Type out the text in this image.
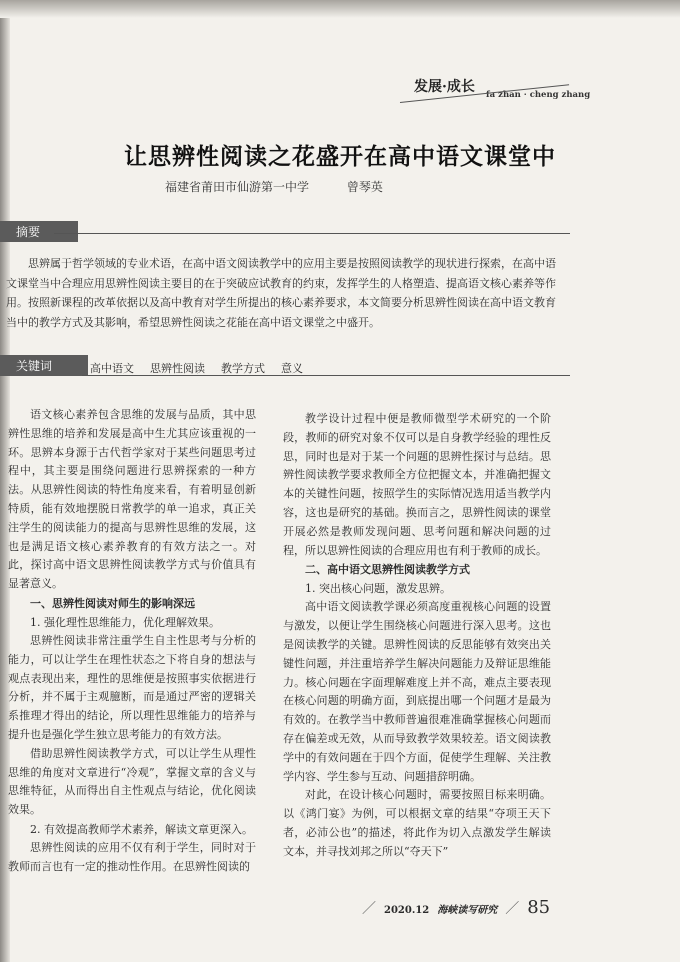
发展·成长 fa zhan · cheng zhang
让思辨性阅读之花盛开在高中语文课堂中
福建省莆田市仙游第一中学	曾琴英
摘要

思辨属于哲学领域的专业术语，在高中语文阅读教学中的应用主要是按照阅读教学的现状进行探索，在高中语文课堂当中合理应用思辨性阅读主要目的在于突破应试教育的约束，发挥学生的人格塑造、提高语文核心素养等作用。按照新课程的改革依据以及高中教育对学生所提出的核心素养要求，本文简要分析思辨性阅读在高中语文教育当中的教学方式及其影响，希望思辨性阅读之花能在高中语文课堂之中盛开。

关键词	高中语文 思辨性阅读 教学方式 意义

语文核心素养包含思维的发展与品质，其中思辨性思维的培养和发展是高中生尤其应该重视的一环。思辨本身源于古代哲学家对于某些问题思考过程中，其主要是围绕问题进行思辨探索的一种方法。从思辨性阅读的特性角度来看，有着明显创新特质，能有效地摆脱日常教学的单一追求，真正关注学生的阅读能力的提高与思辨性思维的发展，这也是满足语文核心素养教育的有效方法之一。对此，探讨高中语文思辨性阅读教学方式与价值具有显著意义。

一、思辨性阅读对师生的影响深远
1. 强化理性思维能力，优化理解效果。

思辨性阅读非常注重学生自主性思考与分析的能力，可以让学生在理性状态之下将自身的想法与观点表现出来，理性的思维便是按照事实依据进行分析，并不属于主观臆断，而是通过严密的逻辑关系推理才得出的结论，所以理性思维能力的培养与提升也是强化学生独立思考能力的有效方法。

借助思辨性阅读教学方式，可以让学生从理性思维的角度对文章进行“冷观”，掌握文章的含义与思维特征，从而得出自主性观点与结论，优化阅读效果。

2. 有效提高教师学术素养，解读文章更深入。

思辨性阅读的应用不仅有利于学生，同时对于教师而言也有一定的推动性作用。在思辨性阅读的

教学设计过程中便是教师微型学术研究的一个阶段，教师的研究对象不仅可以是自身教学经验的理性反思，同时也是对于某一个问题的思辨性探讨与总结。思辨性阅读教学要求教师全方位把握文本，并准确把握文本的关键性问题，按照学生的实际情况选用适当教学内容，这也是研究的基础。换而言之，思辨性阅读的课堂开展必然是教师发现问题、思考问题和解决问题的过程，所以思辨性阅读的合理应用也有利于教师的成长。

二、高中语文思辨性阅读教学方式
1. 突出核心问题，激发思辨。

高中语文阅读教学课必须高度重视核心问题的设置与激发，以便让学生围绕核心问题进行深入思考。这也是阅读教学的关键。思辨性阅读的反思能够有效突出关键性问题，并注重培养学生解决问题能力及辩证思维能力。核心问题在字面理解难度上并不高，难点主要表现在核心问题的明确方面，到底提出哪一个问题才是最为有效的。在教学当中教师普遍很难准确掌握核心问题而存在偏差或无效，从而导致教学效果较差。语文阅读教学中的有效问题在于四个方面，促使学生理解、关注教学内容、学生参与互动、问题措辞明确。

对此，在设计核心问题时，需要按照目标来明确。以《鸿门宴》为例，可以根据文章的结果“夺项王天下者，必沛公也”的描述，将此作为切入点激发学生解读文本，并寻找刘邦之所以“夺天下”

／ 2020.12 海峡读写研究 ／ 85
